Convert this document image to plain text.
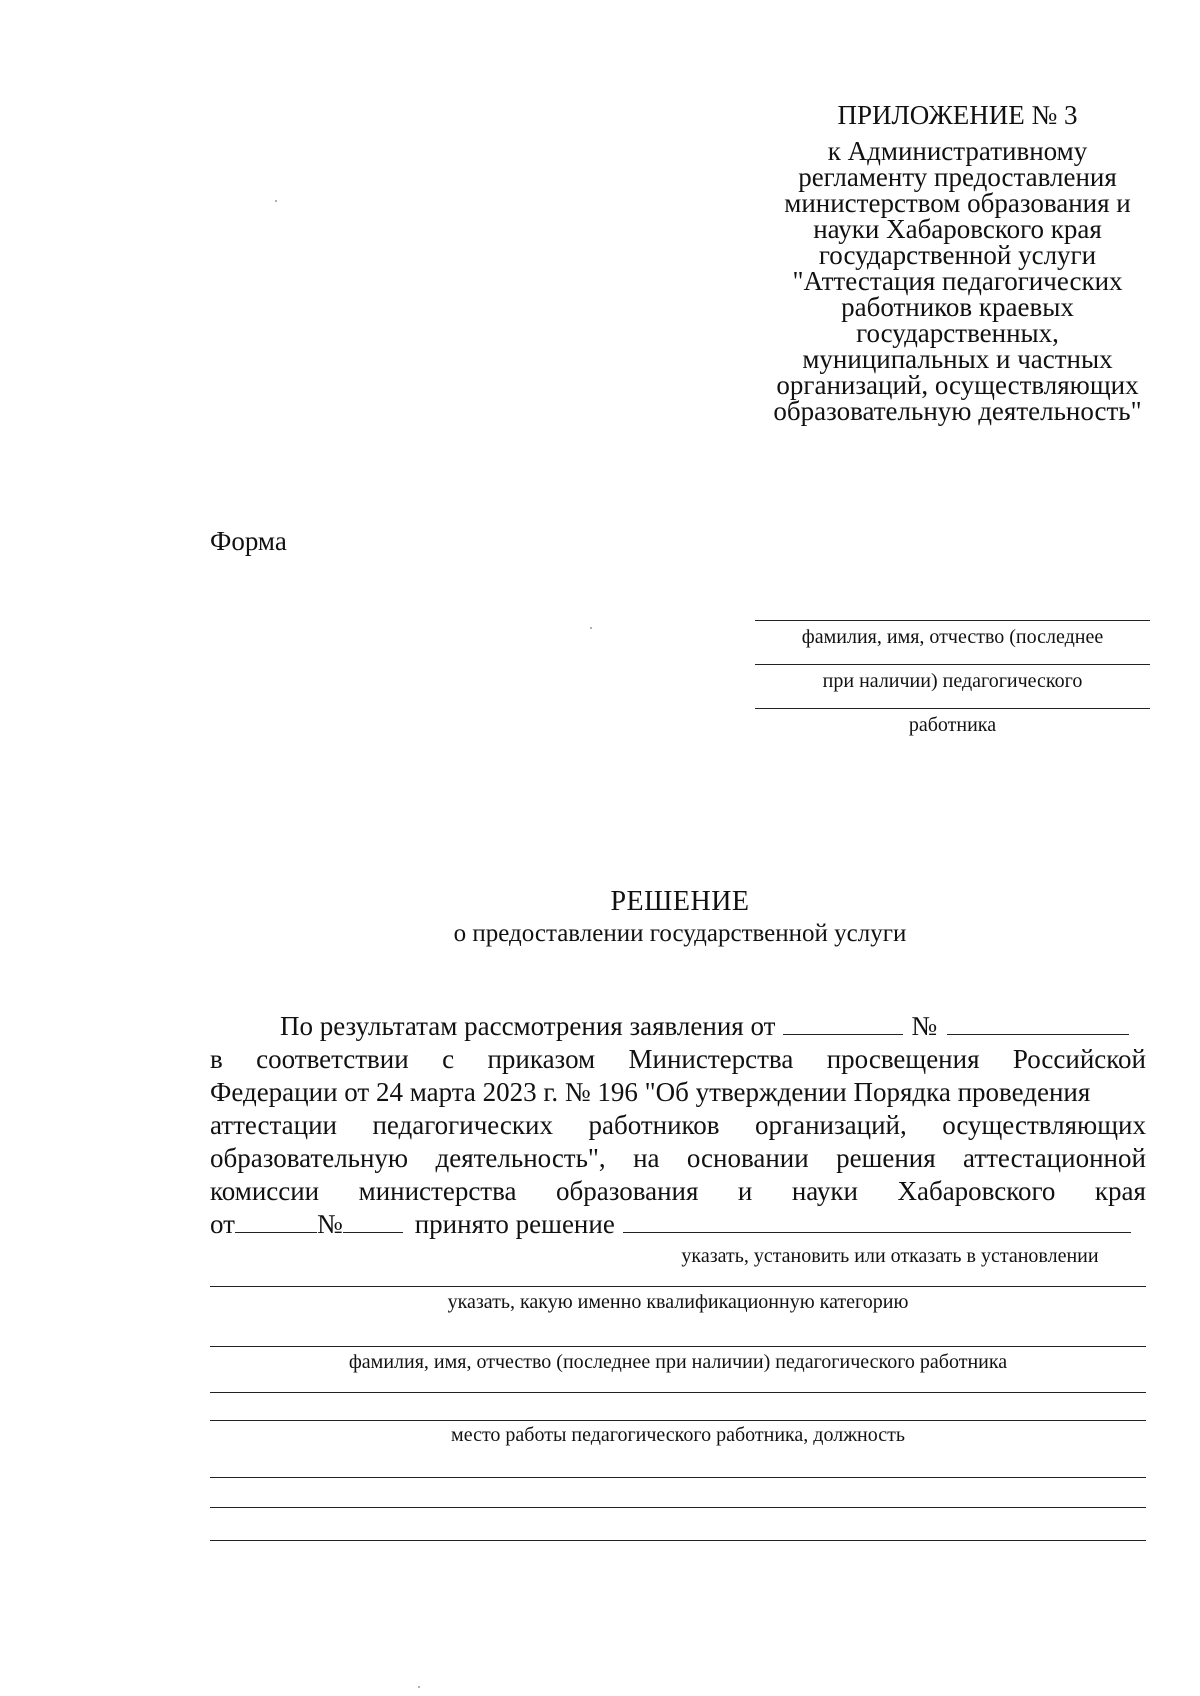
ПРИЛОЖЕНИЕ № 3
к Административному
регламенту предоставления
министерством образования и
науки Хабаровского края
государственной услуги
"Аттестация педагогических
работников краевых
государственных,
муниципальных и частных
организаций, осуществляющих
образовательную деятельность"
Форма
фамилия, имя, отчество (последнее
при наличии) педагогического
работника
РЕШЕНИЕ
о предоставлении государственной услуги
По результатам рассмотрения заявления от	№
в соответствии с приказом Министерства просвещения Российской
Федерации от 24 марта 2023 г. № 196 "Об утверждении Порядка проведения
аттестации педагогических работников организаций, осуществляющих
образовательную деятельность", на основании решения аттестационной
комиссии министерства образования и науки Хабаровского края
от	№	принято решение
указать, установить или отказать в установлении
указать, какую именно квалификационную категорию
фамилия, имя, отчество (последнее при наличии) педагогического работника
место работы педагогического работника, должность
